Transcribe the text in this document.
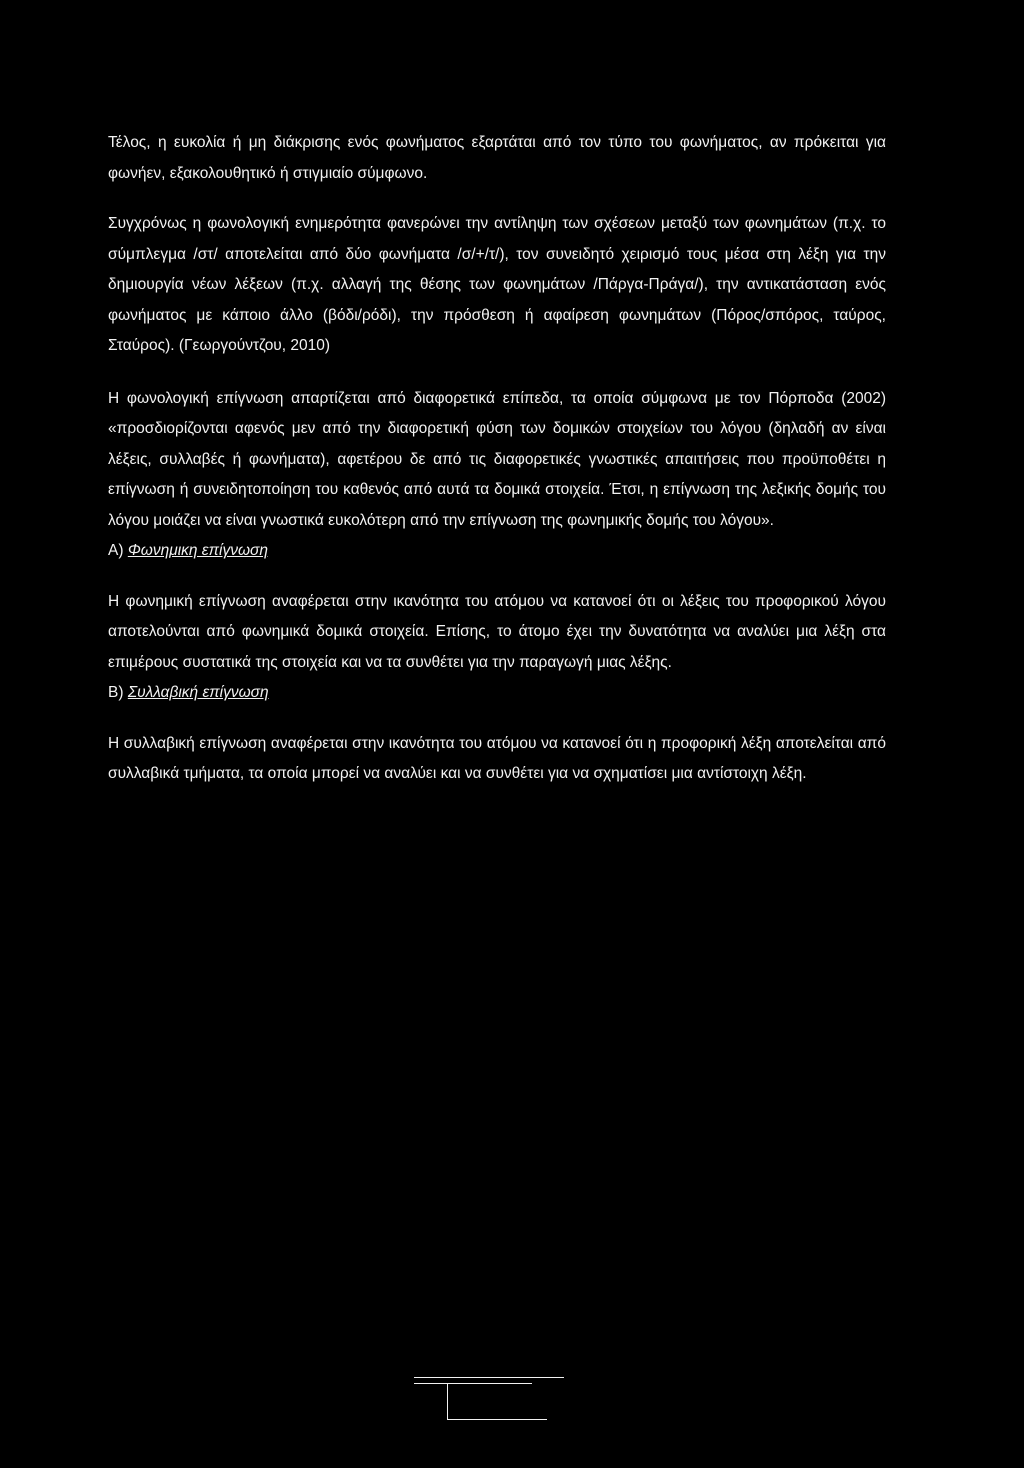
Τέλος, η ευκολία ή μη διάκρισης ενός φωνήματος εξαρτάται από τον τύπο του φωνήματος, αν πρόκειται για φωνήεν, εξακολουθητικό ή στιγμιαίο σύμφωνο.

Συγχρόνως η φωνολογική ενημερότητα φανερώνει την αντίληψη των σχέσεων μεταξύ των φωνημάτων (π.χ. το σύμπλεγμα /στ/ αποτελείται από δύο φωνήματα /σ/+/τ/), τον συνειδητό χειρισμό τους μέσα στη λέξη για την δημιουργία νέων λέξεων (π.χ. αλλαγή της θέσης των φωνημάτων /Πάργα-Πράγα/), την αντικατάσταση ενός φωνήματος με κάποιο άλλο (βόδι/ρόδι), την πρόσθεση ή αφαίρεση φωνημάτων (Πόρος/σπόρος, ταύρος, Σταύρος). (Γεωργούντζου, 2010)

Η φωνολογική επίγνωση απαρτίζεται από διαφορετικά επίπεδα, τα οποία σύμφωνα με τον Πόρποδα (2002) «προσδιορίζονται αφενός μεν από την διαφορετική φύση των δομικών στοιχείων του λόγου (δηλαδή αν είναι λέξεις, συλλαβές ή φωνήματα), αφετέρου δε από τις διαφορετικές γνωστικές απαιτήσεις που προϋποθέτει η επίγνωση ή συνειδητοποίηση του καθενός από αυτά τα δομικά στοιχεία. Έτσι, η επίγνωση της λεξικής δομής του λόγου μοιάζει να είναι γνωστικά ευκολότερη από την επίγνωση της φωνημικής δομής του λόγου».

Α) Φωνημικη επίγνωση

Η φωνημική επίγνωση αναφέρεται στην ικανότητα του ατόμου να κατανοεί ότι οι λέξεις του προφορικού λόγου αποτελούνται από φωνημικά δομικά στοιχεία. Επίσης, το άτομο έχει την δυνατότητα να αναλύει μια λέξη στα επιμέρους συστατικά της στοιχεία και να τα συνθέτει για την παραγωγή μιας λέξης.

Β) Συλλαβική επίγνωση

Η συλλαβική επίγνωση αναφέρεται στην ικανότητα του ατόμου να κατανοεί ότι η προφορική λέξη αποτελείται από συλλαβικά τμήματα, τα οποία μπορεί να αναλύει και να συνθέτει για να σχηματίσει μια αντίστοιχη λέξη.
